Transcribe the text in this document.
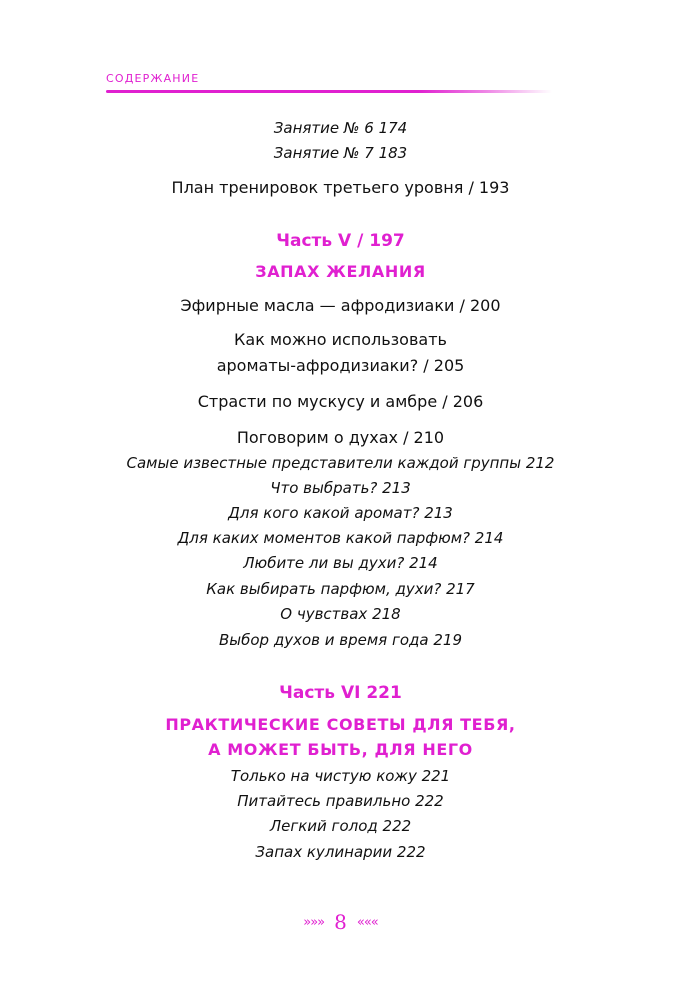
СОДЕРЖАНИЕ
Занятие № 6 174
Занятие № 7 183
План тренировок третьего уровня / 193
Часть V / 197
ЗАПАХ ЖЕЛАНИЯ
Эфирные масла — афродизиаки / 200
Как можно использовать
ароматы-афродизиаки? / 205
Страсти по мускусу и амбре / 206
Поговорим о духах / 210
Самые известные представители каждой группы 212
Что выбрать? 213
Для кого какой аромат? 213
Для каких моментов какой парфюм? 214
Любите ли вы духи? 214
Как выбирать парфюм, духи? 217
О чувствах 218
Выбор духов и время года 219
Часть VI 221
ПРАКТИЧЕСКИЕ СОВЕТЫ ДЛЯ ТЕБЯ,
А МОЖЕТ БЫТЬ, ДЛЯ НЕГО
Только на чистую кожу 221
Питайтесь правильно 222
Легкий голод 222
Запах кулинарии 222
»»» 8 «««
